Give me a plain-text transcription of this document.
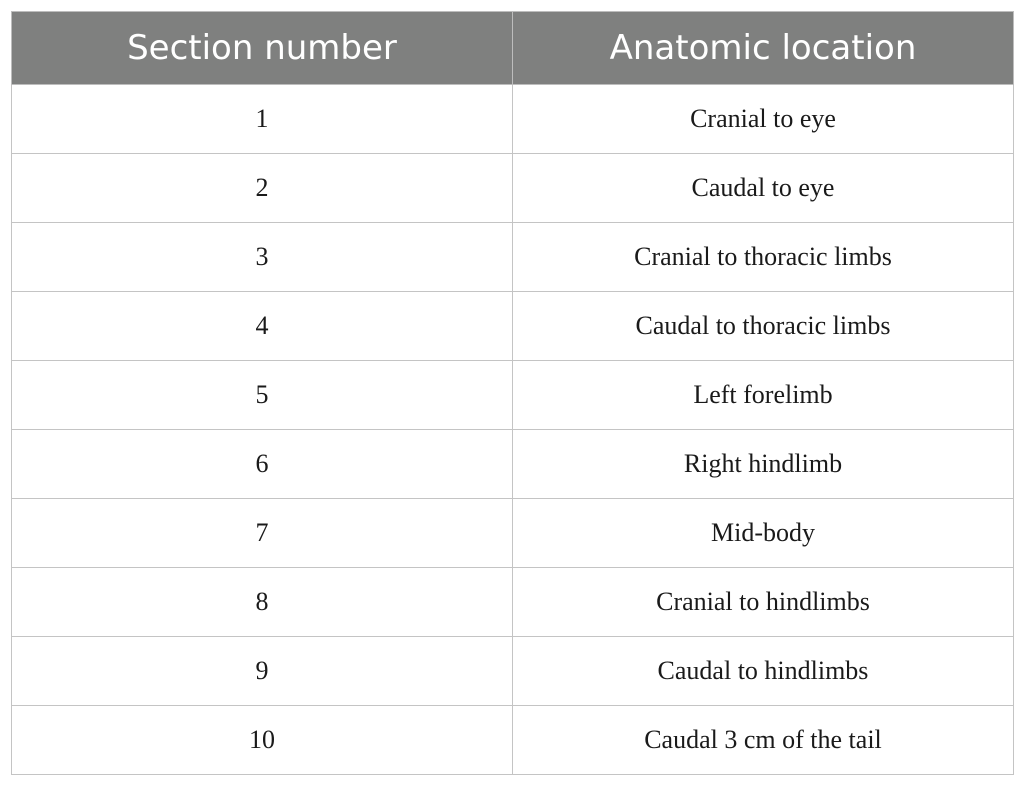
Section number	Anatomic location
1	Cranial to eye
2	Caudal to eye
3	Cranial to thoracic limbs
4	Caudal to thoracic limbs
5	Left forelimb
6	Right hindlimb
7	Mid-body
8	Cranial to hindlimbs
9	Caudal to hindlimbs
10	Caudal 3 cm of the tail
